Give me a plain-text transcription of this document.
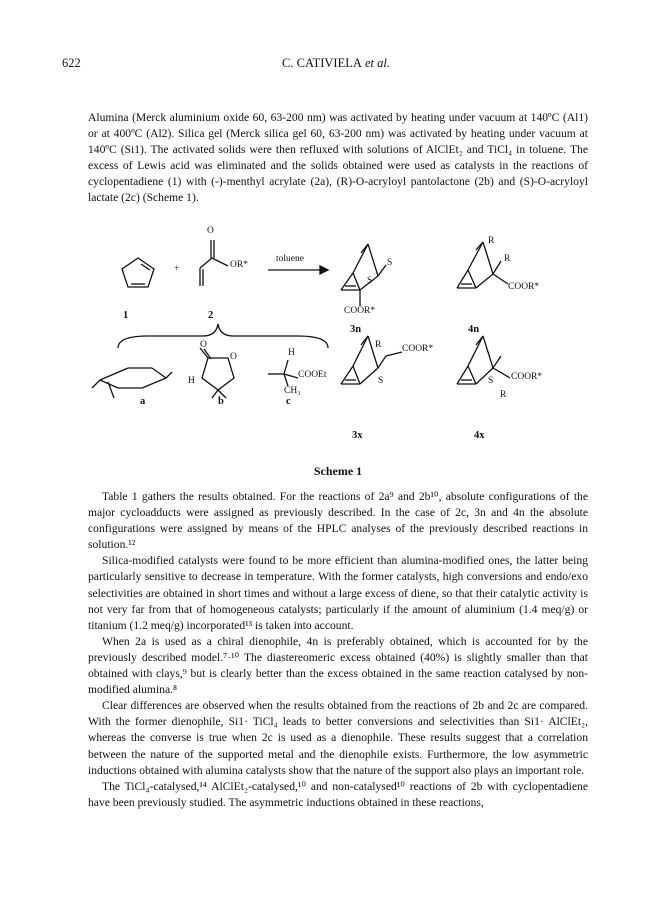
622	C. CATIVIELA et al.

Alumina (Merck aluminium oxide 60, 63-200 nm) was activated by heating under vacuum at 140ºC (Al1) or at 400ºC (Al2). Silica gel (Merck silica gel 60, 63-200 nm) was activated by heating under vacuum at 140ºC (Si1). The activated solids were then refluxed with solutions of AlClEt₂ and TiCl₄ in toluene. The excess of Lewis acid was eliminated and the solids obtained were used as catalysts in the reactions of cyclopentadiene (1) with (-)-menthyl acrylate (2a), (R)-O-acryloyl pantolactone (2b) and (S)-O-acryloyl lactate (2c) (Scheme 1).

O
OR*
+
toluene
S
S
COOR*
R
R
COOR*
1	2
3n	4n
O
O
H
H
COOEt
CH₃
R COOR*
S	COOR*
S
R
a	b	c
3x	4x
Scheme 1

Table 1 gathers the results obtained. For the reactions of 2a⁹ and 2b¹⁰, absolute configurations of the major cycloadducts were assigned as previously described. In the case of 2c, 3n and 4n the absolute configurations were assigned by means of the HPLC analyses of the previously described reactions in solution.¹²

Silica-modified catalysts were found to be more efficient than alumina-modified ones, the latter being particularly sensitive to decrease in temperature. With the former catalysts, high conversions and endo/exo selectivities are obtained in short times and without a large excess of diene, so that their catalytic activity is not very far from that of homogeneous catalysts; particularly if the amount of aluminium (1.4 meq/g) or titanium (1.2 meq/g) incorporated¹³ is taken into account.

When 2a is used as a chiral dienophile, 4n is preferably obtained, which is accounted for by the previously described model.⁷·¹⁰ The diastereomeric excess obtained (40%) is slightly smaller than that obtained with clays,⁹ but is clearly better than the excess obtained in the same reaction catalysed by non-modified alumina.⁸

Clear differences are observed when the results obtained from the reactions of 2b and 2c are compared. With the former dienophile, Si1· TiCl₄ leads to better conversions and selectivities than Si1· AlClEt₂, whereas the converse is true when 2c is used as a dienophile. These results suggest that a correlation between the nature of the supported metal and the dienophile exists. Furthermore, the low asymmetric inductions obtained with alumina catalysts show that the nature of the support also plays an important role.

The TiCl₄-catalysed,¹⁴ AlClEt₂-catalysed,¹⁰ and non-catalysed¹⁰ reactions of 2b with cyclopentadiene have been previously studied. The asymmetric inductions obtained in these reactions,
